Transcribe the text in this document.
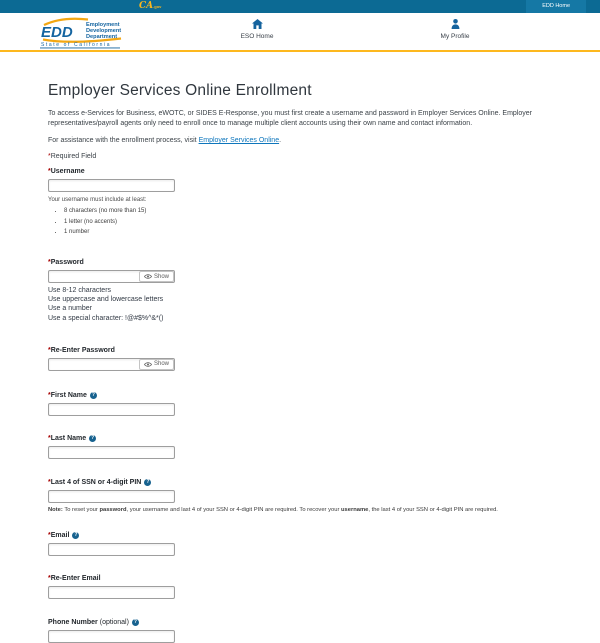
CA.gov	EDD Home
EDD Employment
Development
Department
State of California
ESO Home	My Profile
Employer Services Online Enrollment
To access e-Services for Business, eWOTC, or SIDES E-Response, you must first create a username and password in Employer Services Online. Employer representatives/payroll agents only need to enroll once to manage multiple client accounts using their own name and contact information.
For assistance with the enrollment process, visit Employer Services Online.
*Required Field
*Username
Your username must include at least:
• 8 characters (no more than 15)
• 1 letter (no accents)
• 1 number
*Password
Show
Use 8-12 characters
Use uppercase and lowercase letters
Use a number
Use a special character: !@#$%^&*()
*Re-Enter Password
Show
*First Name ?
*Last Name ?
*Last 4 of SSN or 4-digit PIN ?
Note: To reset your password, your username and last 4 of your SSN or 4-digit PIN are required. To recover your username, the last 4 of your SSN or 4-digit PIN are required.
*Email ?
*Re-Enter Email
Phone Number (optional) ?
